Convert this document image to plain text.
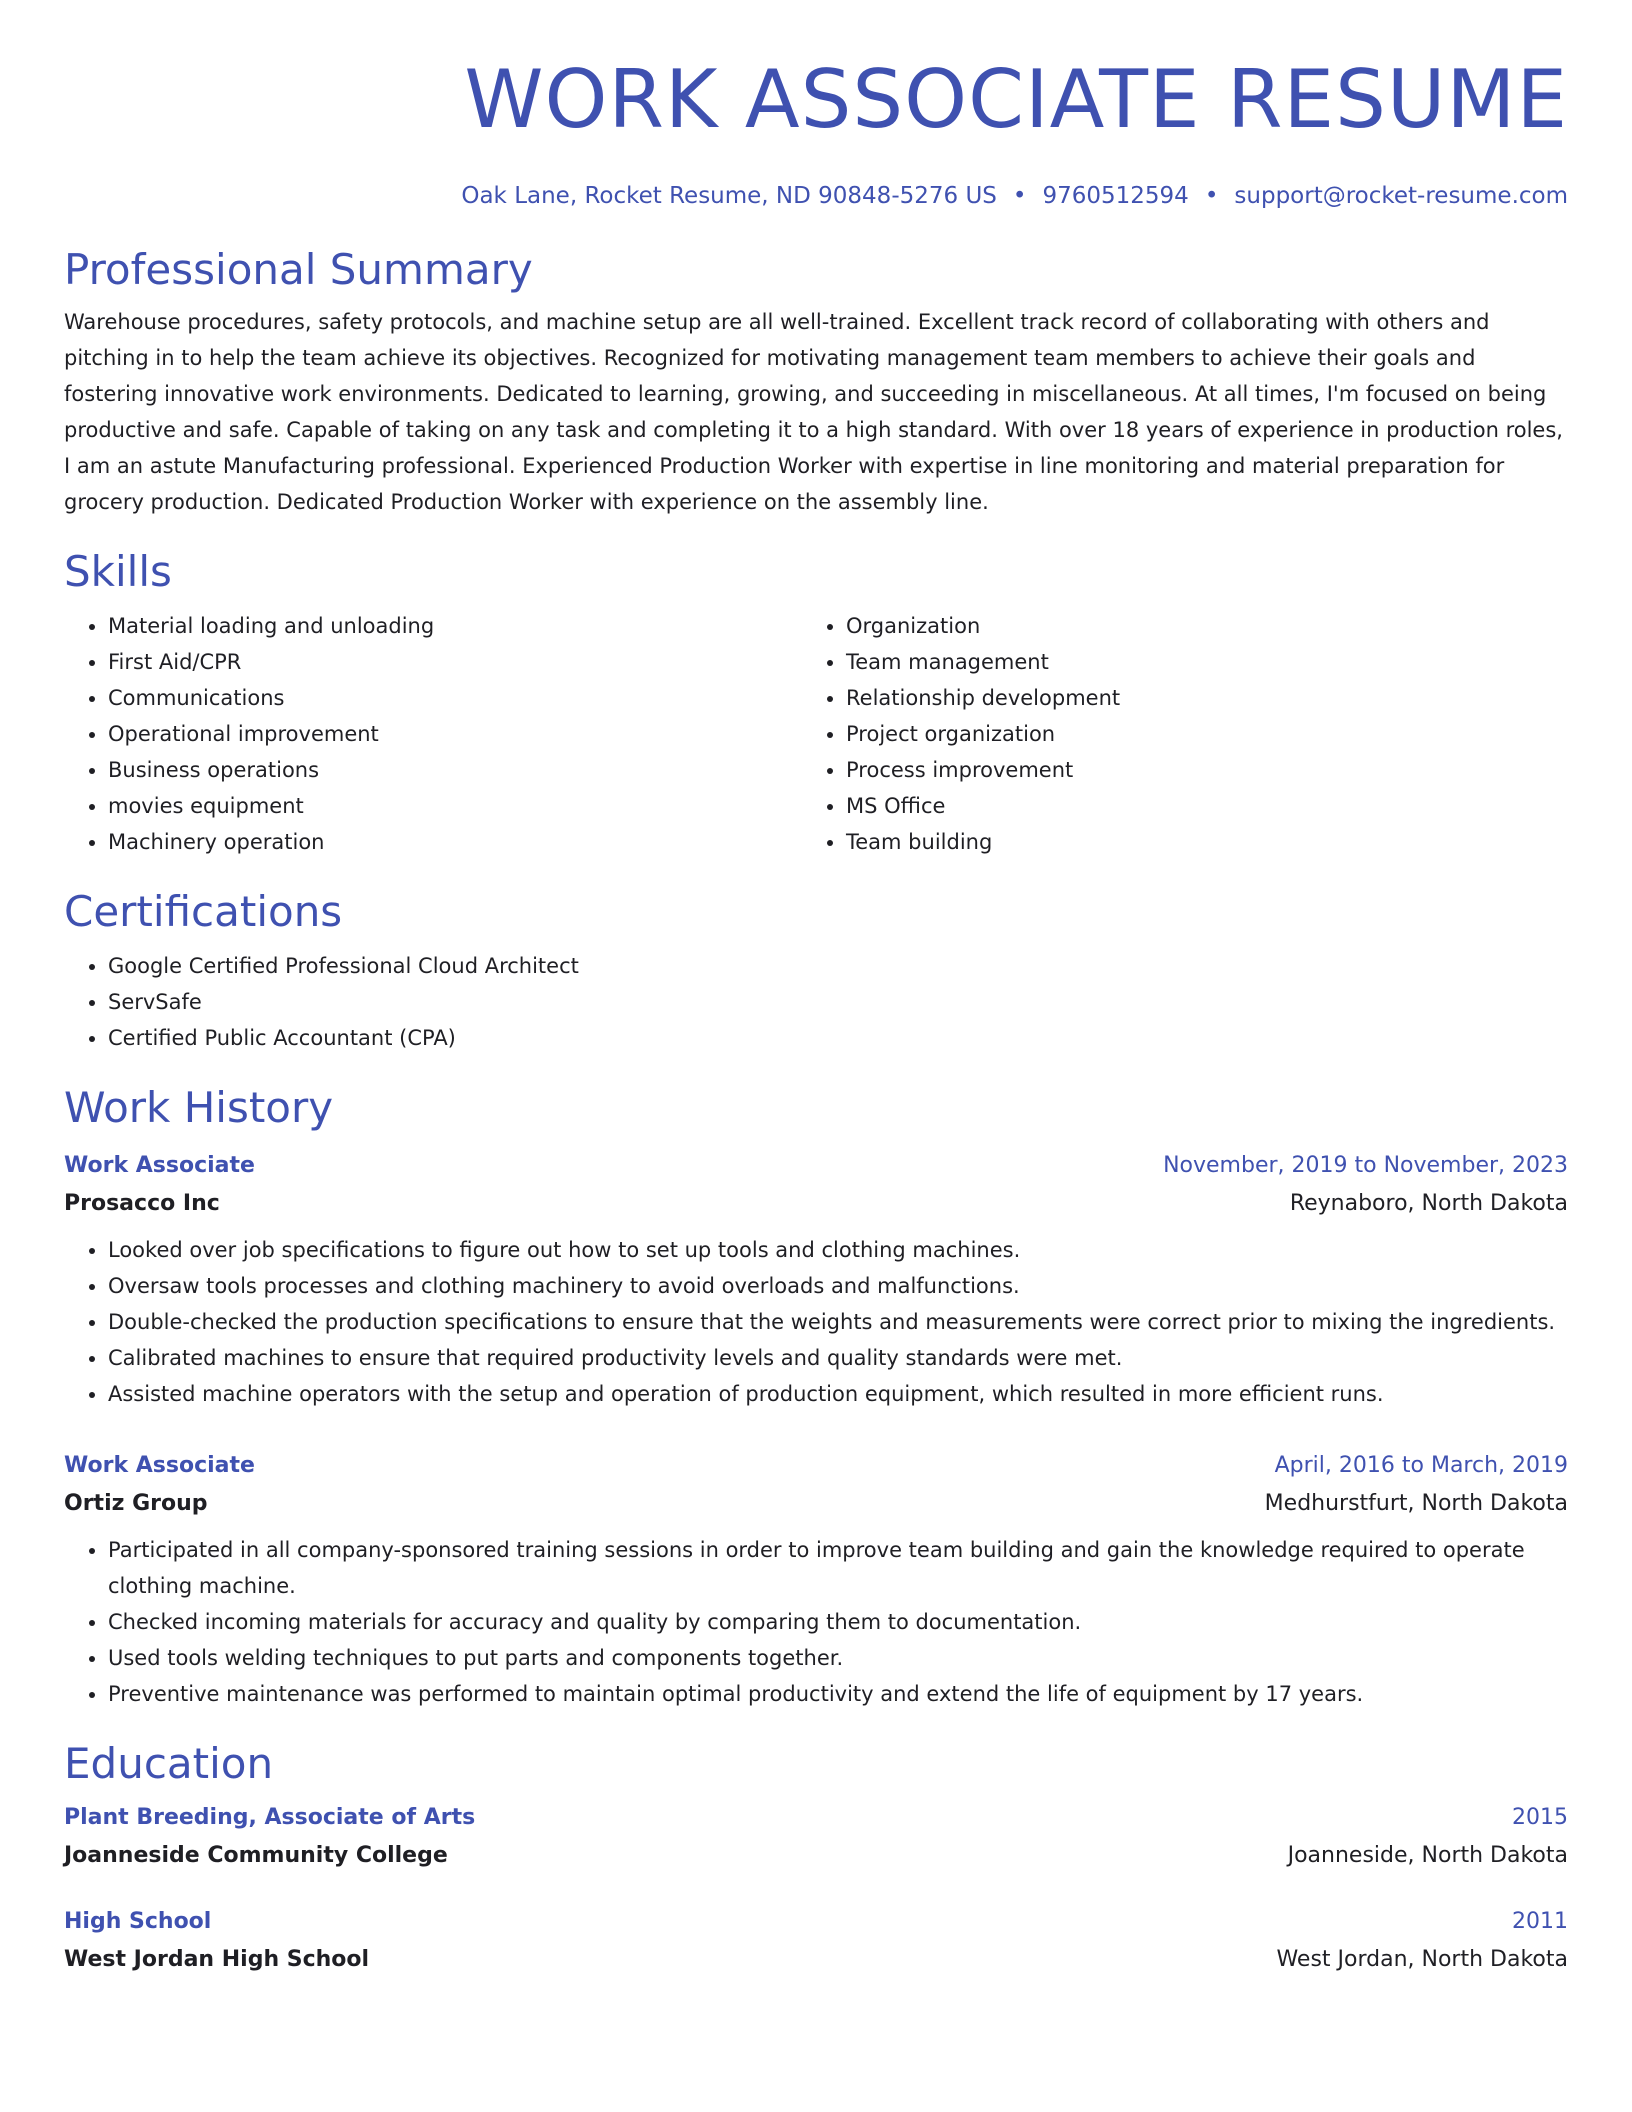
WORK ASSOCIATE RESUME
Oak Lane, Rocket Resume, ND 90848-5276 US • 9760512594 • support@rocket-resume.com
Professional Summary

Warehouse procedures, safety protocols, and machine setup are all well-trained. Excellent track record of collaborating with others and pitching in to help the team achieve its objectives. Recognized for motivating management team members to achieve their goals and fostering innovative work environments. Dedicated to learning, growing, and succeeding in miscellaneous. At all times, I'm focused on being productive and safe. Capable of taking on any task and completing it to a high standard. With over 18 years of experience in production roles, I am an astute Manufacturing professional. Experienced Production Worker with expertise in line monitoring and material preparation for grocery production. Dedicated Production Worker with experience on the assembly line.

Skills
• Material loading and unloading
• First Aid/CPR
• Communications
• Operational improvement
• Business operations
• movies equipment
• Machinery operation
• Organization
• Team management
• Relationship development
• Project organization
• Process improvement
• MS Office
• Team building
Certifications
• Google Certified Professional Cloud Architect
• ServSafe
• Certified Public Accountant (CPA)
Work History
Work Associate	November, 2019 to November, 2023
Prosacco Inc	Reynaboro, North Dakota
• Looked over job specifications to figure out how to set up tools and clothing machines.
• Oversaw tools processes and clothing machinery to avoid overloads and malfunctions.
• Double-checked the production specifications to ensure that the weights and measurements were correct prior to mixing the ingredients.
• Calibrated machines to ensure that required productivity levels and quality standards were met.
• Assisted machine operators with the setup and operation of production equipment, which resulted in more efficient runs.
Work Associate	April, 2016 to March, 2019
Ortiz Group	Medhurstfurt, North Dakota
• Participated in all company-sponsored training sessions in order to improve team building and gain the knowledge required to operate clothing machine.
• Checked incoming materials for accuracy and quality by comparing them to documentation.
• Used tools welding techniques to put parts and components together.
• Preventive maintenance was performed to maintain optimal productivity and extend the life of equipment by 17 years.
Education
Plant Breeding, Associate of Arts	2015
Joanneside Community College	Joanneside, North Dakota
High School	2011
West Jordan High School	West Jordan, North Dakota
